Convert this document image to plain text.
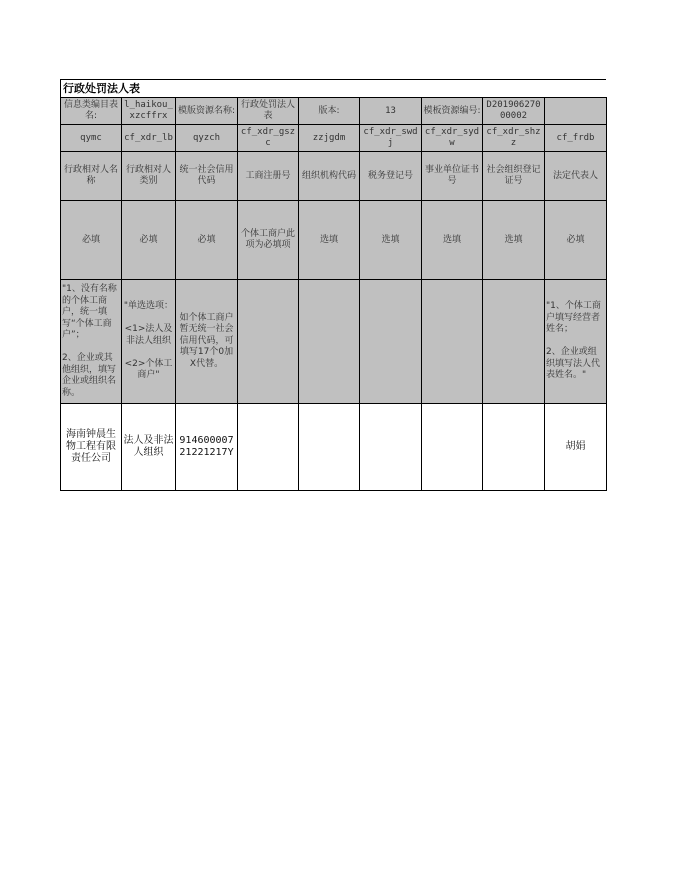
行政处罚法人表
信息类编目表名:	l_haikou_xzcffrx	模版资源名称:	行政处罚法人表	版本:	13	模板资源编号:	D20190627000002	
qymc	cf_xdr_lb	qyzch	cf_xdr_gszc	zzjgdm	cf_xdr_swdj	cf_xdr_sydw	cf_xdr_shzz	cf_frdb
行政相对人名称	行政相对人类别	统一社会信用代码	工商注册号	组织机构代码	税务登记号	事业单位证书号	社会组织登记证号	法定代表人
必填	必填	必填	个体工商户此项为必填项	选填	选填	选填	选填	必填
"1、没有名称的个体工商户，统一填写“个体工商户”；

2、企业或其他组织，填写企业或组织名称。	"单选选项：

<1>法人及非法人组织

<2>个体工商户"	如个体工商户暂无统一社会信用代码，可填写17个0加X代替。						"1、个体工商户填写经营者姓名；

2、企业或组织填写法人代表姓名。"
海南钟晨生物工程有限责任公司	法人及非法人组织	91460000721221217Y						胡娟
